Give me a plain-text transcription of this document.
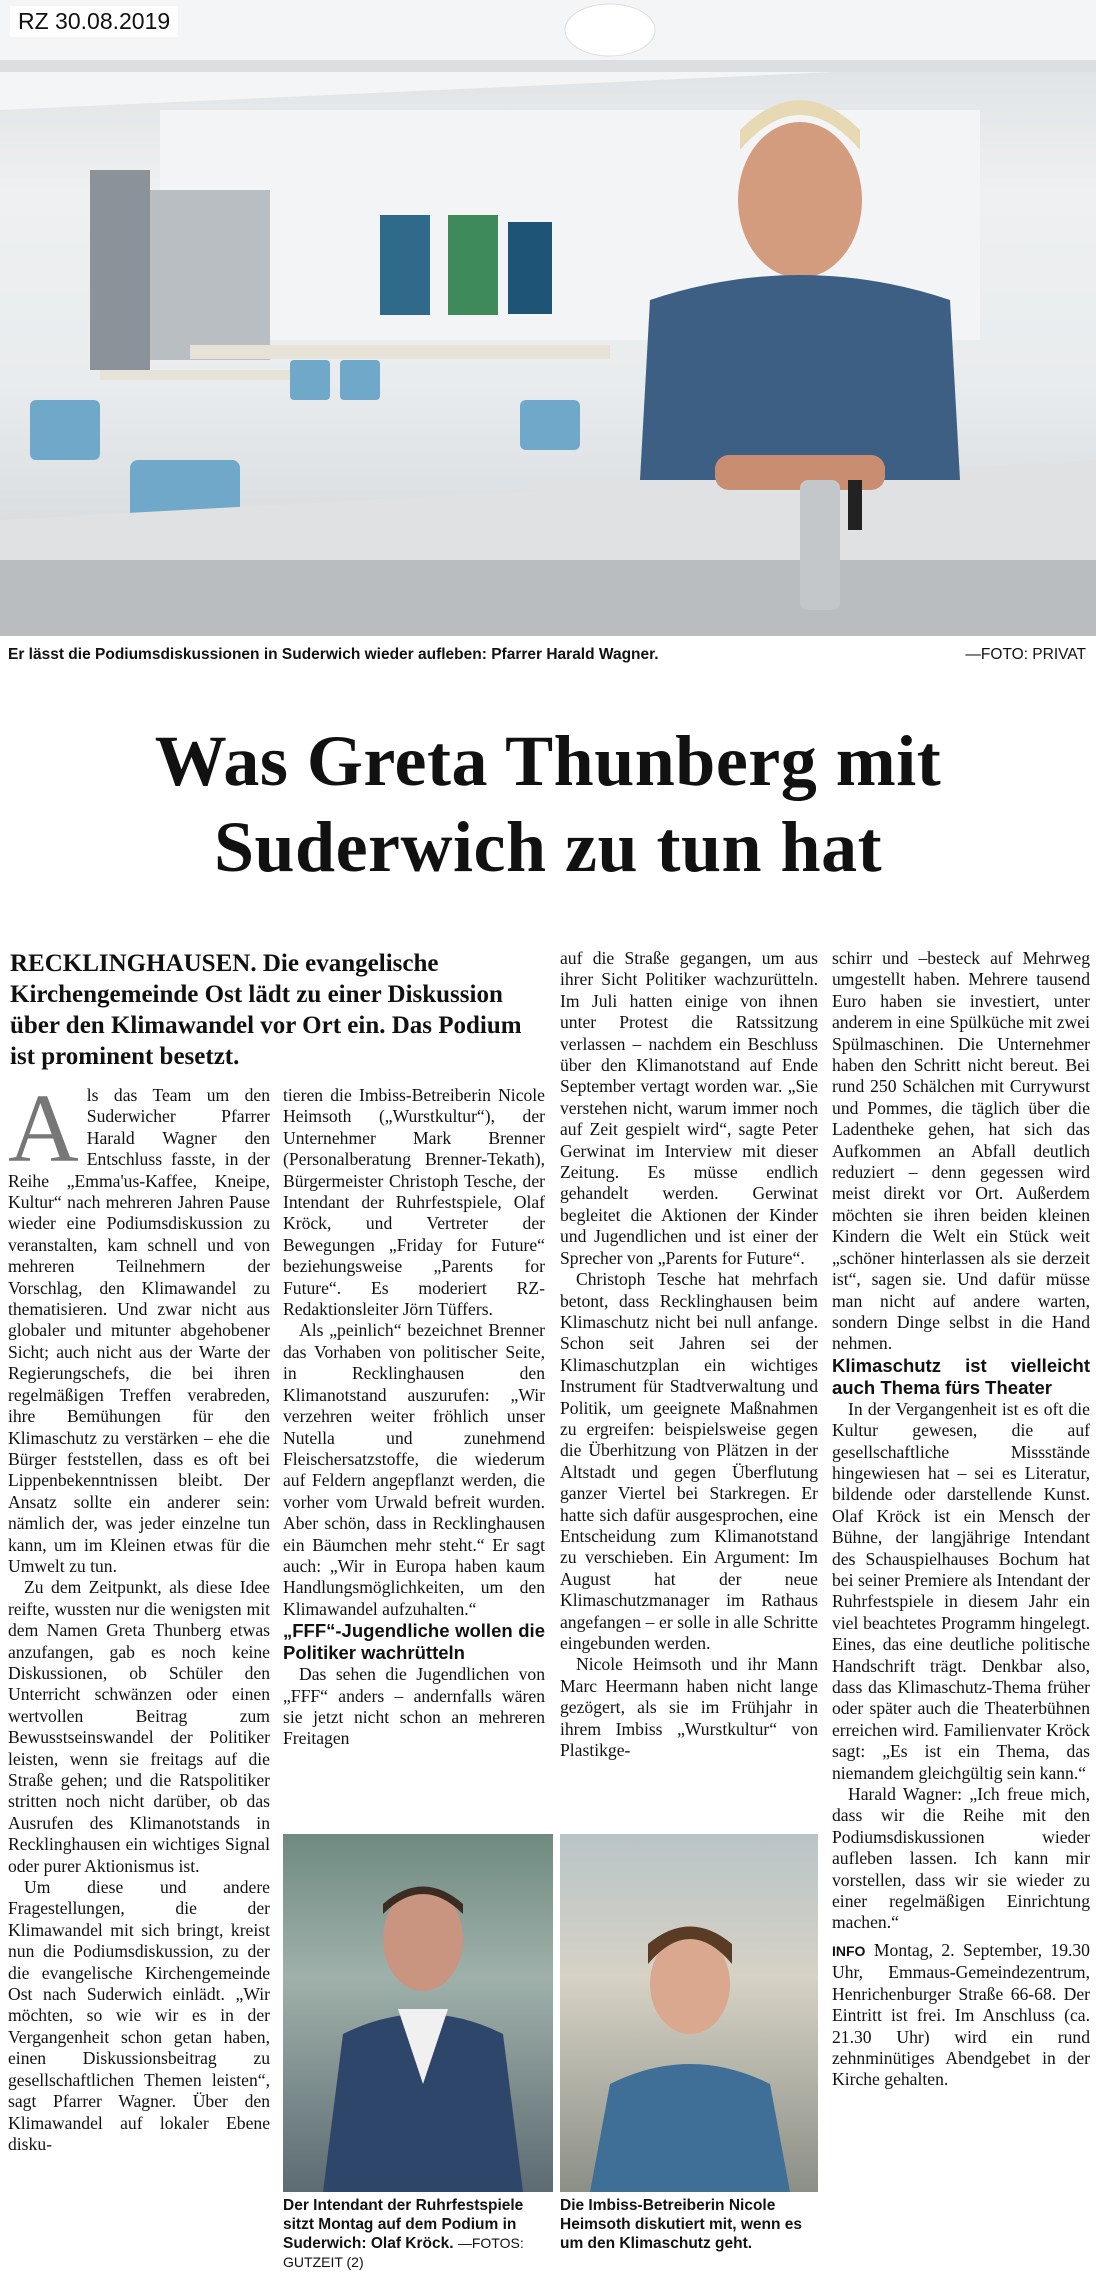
RZ 30.08.2019
Er lässt die Podiumsdiskussionen in Suderwich wieder aufleben: Pfarrer Harald Wagner.	—FOTO: PRIVAT
Was Greta Thunberg mit
Suderwich zu tun hat
RECKLINGHAUSEN. Die evangelische Kirchengemeinde Ost lädt zu einer Diskussion über den Klimawandel vor Ort ein. Das Podium ist prominent besetzt.

Als das Team um den Suderwicher Pfarrer Harald Wagner den Entschluss fasste, in der Reihe „Emma'us-Kaffee, Kneipe, Kultur“ nach mehreren Jahren Pause wieder eine Podiumsdiskussion zu veranstalten, kam schnell und von mehreren Teilnehmern der Vorschlag, den Klimawandel zu thematisieren. Und zwar nicht aus globaler und mitunter abgehobener Sicht; auch nicht aus der Warte der Regierungschefs, die bei ihren regelmäßigen Treffen verabreden, ihre Bemühungen für den Klimaschutz zu verstärken – ehe die Bürger feststellen, dass es oft bei Lippenbekenntnissen bleibt. Der Ansatz sollte ein anderer sein: nämlich der, was jeder einzelne tun kann, um im Kleinen etwas für die Umwelt zu tun.

Zu dem Zeitpunkt, als diese Idee reifte, wussten nur die wenigsten mit dem Namen Greta Thunberg etwas anzufangen, gab es noch keine Diskussionen, ob Schüler den Unterricht schwänzen oder einen wertvollen Beitrag zum Bewusstseinswandel der Politiker leisten, wenn sie freitags auf die Straße gehen; und die Ratspolitiker stritten noch nicht darüber, ob das Ausrufen des Klimanotstands in Recklinghausen ein wichtiges Signal oder purer Aktionismus ist.

Um diese und andere Fragestellungen, die der Klimawandel mit sich bringt, kreist nun die Podiumsdiskussion, zu der die evangelische Kirchengemeinde Ost nach Suderwich einlädt. „Wir möchten, so wie wir es in der Vergangenheit schon getan haben, einen Diskussionsbeitrag zu gesellschaftlichen Themen leisten“, sagt Pfarrer Wagner. Über den Klimawandel auf lokaler Ebene disku-

tieren die Imbiss-Betreiberin Nicole Heimsoth („Wurstkultur“), der Unternehmer Mark Brenner (Personalberatung Brenner-Tekath), Bürgermeister Christoph Tesche, der Intendant der Ruhrfestspiele, Olaf Kröck, und Vertreter der Bewegungen „Friday for Future“ beziehungsweise „Parents for Future“. Es moderiert RZ-Redaktionsleiter Jörn Tüffers.

Als „peinlich“ bezeichnet Brenner das Vorhaben von politischer Seite, in Recklinghausen den Klimanotstand auszurufen: „Wir verzehren weiter fröhlich unser Nutella und zunehmend Fleischersatzstoffe, die wiederum auf Feldern angepflanzt werden, die vorher vom Urwald befreit wurden. Aber schön, dass in Recklinghausen ein Bäumchen mehr steht.“ Er sagt auch: „Wir in Europa haben kaum Handlungsmöglichkeiten, um den Klimawandel aufzuhalten.“

„FFF“-Jugendliche wollen die Politiker wachrütteln

Das sehen die Jugendlichen von „FFF“ anders – andernfalls wären sie jetzt nicht schon an mehreren Freitagen

auf die Straße gegangen, um aus ihrer Sicht Politiker wachzurütteln. Im Juli hatten einige von ihnen unter Protest die Ratssitzung verlassen – nachdem ein Beschluss über den Klimanotstand auf Ende September vertagt worden war. „Sie verstehen nicht, warum immer noch auf Zeit gespielt wird“, sagte Peter Gerwinat im Interview mit dieser Zeitung. Es müsse endlich gehandelt werden. Gerwinat begleitet die Aktionen der Kinder und Jugendlichen und ist einer der Sprecher von „Parents for Future“.

Christoph Tesche hat mehrfach betont, dass Recklinghausen beim Klimaschutz nicht bei null anfange. Schon seit Jahren sei der Klimaschutzplan ein wichtiges Instrument für Stadtverwaltung und Politik, um geeignete Maßnahmen zu ergreifen: beispielsweise gegen die Überhitzung von Plätzen in der Altstadt und gegen Überflutung ganzer Viertel bei Starkregen. Er hatte sich dafür ausgesprochen, eine Entscheidung zum Klimanotstand zu verschieben. Ein Argument: Im August hat der neue Klimaschutzmanager im Rathaus angefangen – er solle in alle Schritte eingebunden werden.

Nicole Heimsoth und ihr Mann Marc Heermann haben nicht lange gezögert, als sie im Frühjahr in ihrem Imbiss „Wurstkultur“ von Plastikge-

schirr und –besteck auf Mehrweg umgestellt haben. Mehrere tausend Euro haben sie investiert, unter anderem in eine Spülküche mit zwei Spülmaschinen. Die Unternehmer haben den Schritt nicht bereut. Bei rund 250 Schälchen mit Currywurst und Pommes, die täglich über die Ladentheke gehen, hat sich das Aufkommen an Abfall deutlich reduziert – denn gegessen wird meist direkt vor Ort. Außerdem möchten sie ihren beiden kleinen Kindern die Welt ein Stück weit „schöner hinterlassen als sie derzeit ist“, sagen sie. Und dafür müsse man nicht auf andere warten, sondern Dinge selbst in die Hand nehmen.

Klimaschutz ist vielleicht auch Thema fürs Theater

In der Vergangenheit ist es oft die Kultur gewesen, die auf gesellschaftliche Missstände hingewiesen hat – sei es Literatur, bildende oder darstellende Kunst. Olaf Kröck ist ein Mensch der Bühne, der langjährige Intendant des Schauspielhauses Bochum hat bei seiner Premiere als Intendant der Ruhrfestspiele in diesem Jahr ein viel beachtetes Programm hingelegt. Eines, das eine deutliche politische Handschrift trägt. Denkbar also, dass das Klimaschutz-Thema früher oder später auch die Theaterbühnen erreichen wird. Familienvater Kröck sagt: „Es ist ein Thema, das niemandem gleichgültig sein kann.“

Harald Wagner: „Ich freue mich, dass wir die Reihe mit den Podiumsdiskussionen wieder aufleben lassen. Ich kann mir vorstellen, dass wir sie wieder zu einer regelmäßigen Einrichtung machen.“

INFO Montag, 2. September, 19.30 Uhr, Emmaus-Gemeindezentrum, Henrichenburger Straße 66-68. Der Eintritt ist frei. Im Anschluss (ca. 21.30 Uhr) wird ein rund zehnminütiges Abendgebet in der Kirche gehalten.

Der Intendant der Ruhrfestspiele sitzt Montag auf dem Podium in Suderwich: Olaf Kröck. —FOTOS: GUTZEIT (2)
Die Imbiss-Betreiberin Nicole Heimsoth diskutiert mit, wenn es um den Klimaschutz geht.
